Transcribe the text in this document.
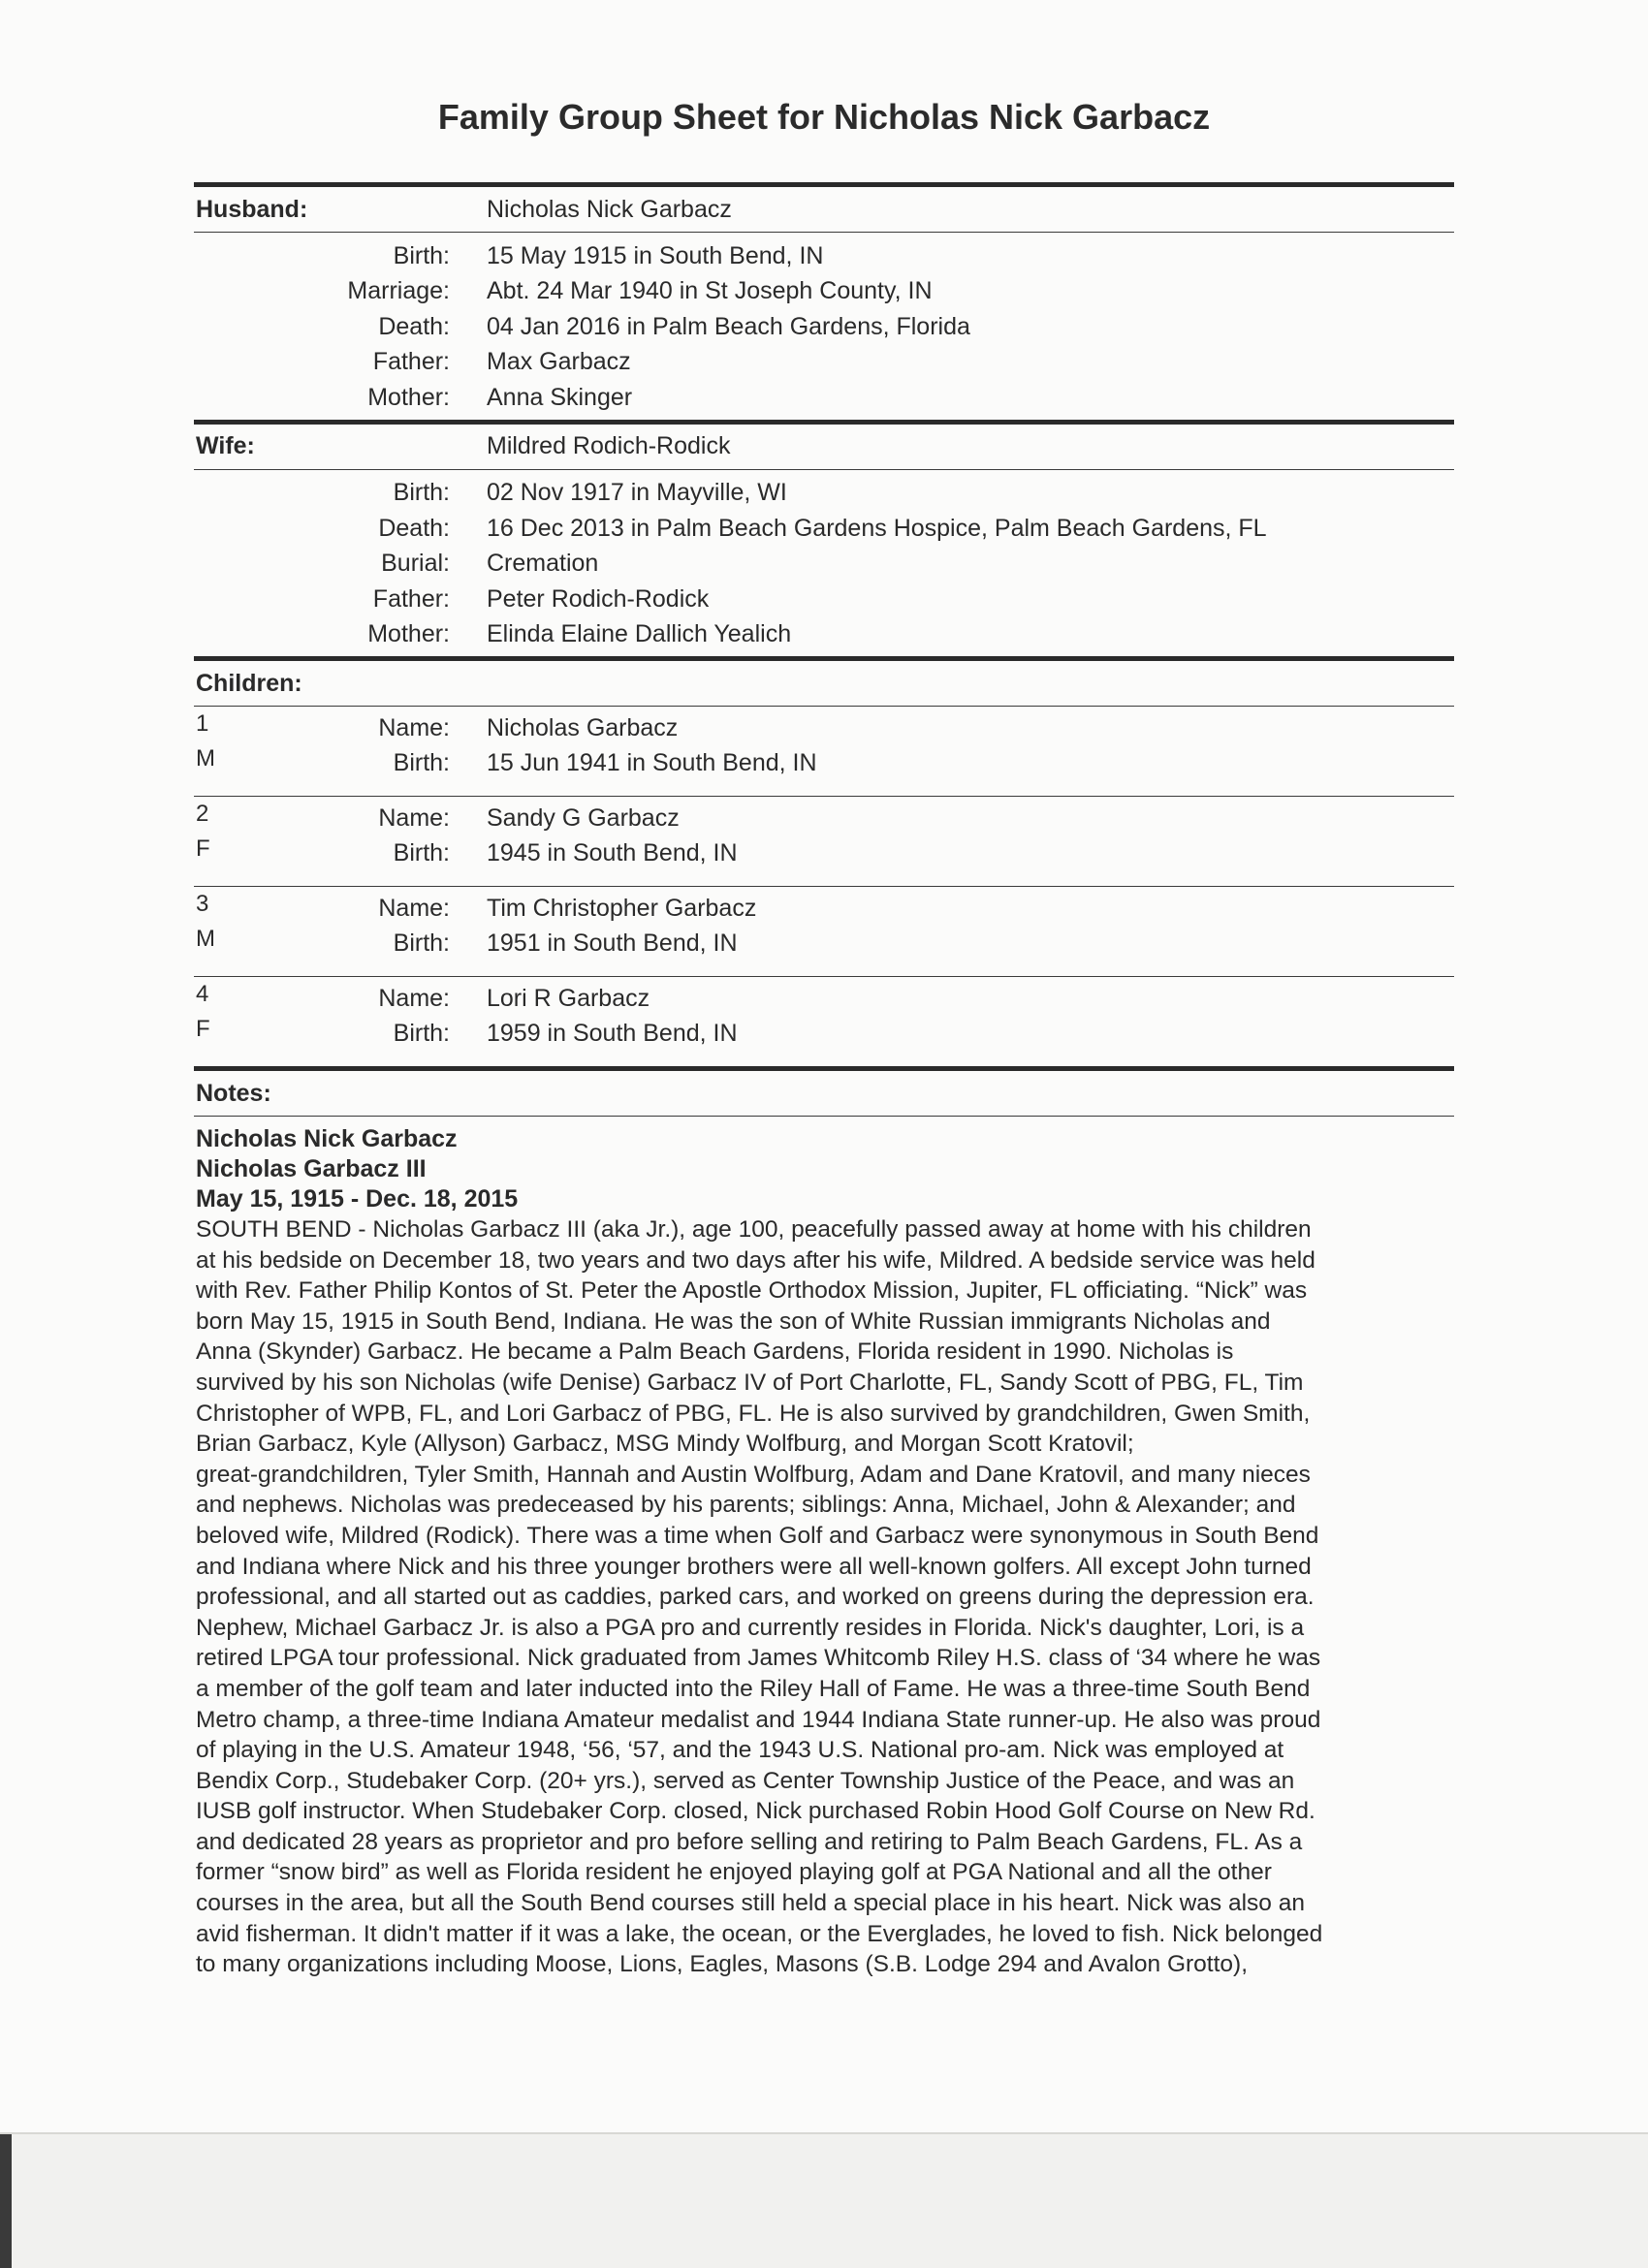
Family Group Sheet for Nicholas Nick Garbacz
Husband:	Nicholas Nick Garbacz
Birth:	15 May 1915 in South Bend, IN
Marriage:	Abt. 24 Mar 1940 in St Joseph County, IN
Death:	04 Jan 2016 in Palm Beach Gardens, Florida
Father:	Max Garbacz
Mother:	Anna Skinger
Wife:	Mildred Rodich-Rodick
Birth:	02 Nov 1917 in Mayville, WI
Death:	16 Dec 2013 in Palm Beach Gardens Hospice, Palm Beach Gardens, FL
Burial:	Cremation
Father:	Peter Rodich-Rodick
Mother:	Elinda Elaine Dallich Yealich
Children:
1
M
Name:	Nicholas Garbacz
Birth:	15 Jun 1941 in South Bend, IN
2
F
Name:	Sandy G Garbacz
Birth:	1945 in South Bend, IN
3
M
Name:	Tim Christopher Garbacz
Birth:	1951 in South Bend, IN
4
F
Name:	Lori R Garbacz
Birth:	1959 in South Bend, IN
Notes:
Nicholas Nick Garbacz
Nicholas Garbacz III
May 15, 1915 - Dec. 18, 2015

SOUTH BEND - Nicholas Garbacz III (aka Jr.), age 100, peacefully passed away at home with his children

at his bedside on December 18, two years and two days after his wife, Mildred. A bedside service was held

with Rev. Father Philip Kontos of St. Peter the Apostle Orthodox Mission, Jupiter, FL officiating. “Nick” was

born May 15, 1915 in South Bend, Indiana. He was the son of White Russian immigrants Nicholas and

Anna (Skynder) Garbacz. He became a Palm Beach Gardens, Florida resident in 1990. Nicholas is

survived by his son Nicholas (wife Denise) Garbacz IV of Port Charlotte, FL, Sandy Scott of PBG, FL, Tim

Christopher of WPB, FL, and Lori Garbacz of PBG, FL. He is also survived by grandchildren, Gwen Smith,

Brian Garbacz, Kyle (Allyson) Garbacz, MSG Mindy Wolfburg, and Morgan Scott Kratovil;

great-grandchildren, Tyler Smith, Hannah and Austin Wolfburg, Adam and Dane Kratovil, and many nieces

and nephews. Nicholas was predeceased by his parents; siblings: Anna, Michael, John & Alexander; and

beloved wife, Mildred (Rodick). There was a time when Golf and Garbacz were synonymous in South Bend

and Indiana where Nick and his three younger brothers were all well-known golfers. All except John turned

professional, and all started out as caddies, parked cars, and worked on greens during the depression era.

Nephew, Michael Garbacz Jr. is also a PGA pro and currently resides in Florida. Nick's daughter, Lori, is a

retired LPGA tour professional. Nick graduated from James Whitcomb Riley H.S. class of ‘34 where he was

a member of the golf team and later inducted into the Riley Hall of Fame. He was a three-time South Bend

Metro champ, a three-time Indiana Amateur medalist and 1944 Indiana State runner-up. He also was proud

of playing in the U.S. Amateur 1948, ‘56, ‘57, and the 1943 U.S. National pro-am. Nick was employed at

Bendix Corp., Studebaker Corp. (20+ yrs.), served as Center Township Justice of the Peace, and was an

IUSB golf instructor. When Studebaker Corp. closed, Nick purchased Robin Hood Golf Course on New Rd.

and dedicated 28 years as proprietor and pro before selling and retiring to Palm Beach Gardens, FL. As a

former “snow bird” as well as Florida resident he enjoyed playing golf at PGA National and all the other

courses in the area, but all the South Bend courses still held a special place in his heart. Nick was also an

avid fisherman. It didn't matter if it was a lake, the ocean, or the Everglades, he loved to fish. Nick belonged

to many organizations including Moose, Lions, Eagles, Masons (S.B. Lodge 294 and Avalon Grotto),
